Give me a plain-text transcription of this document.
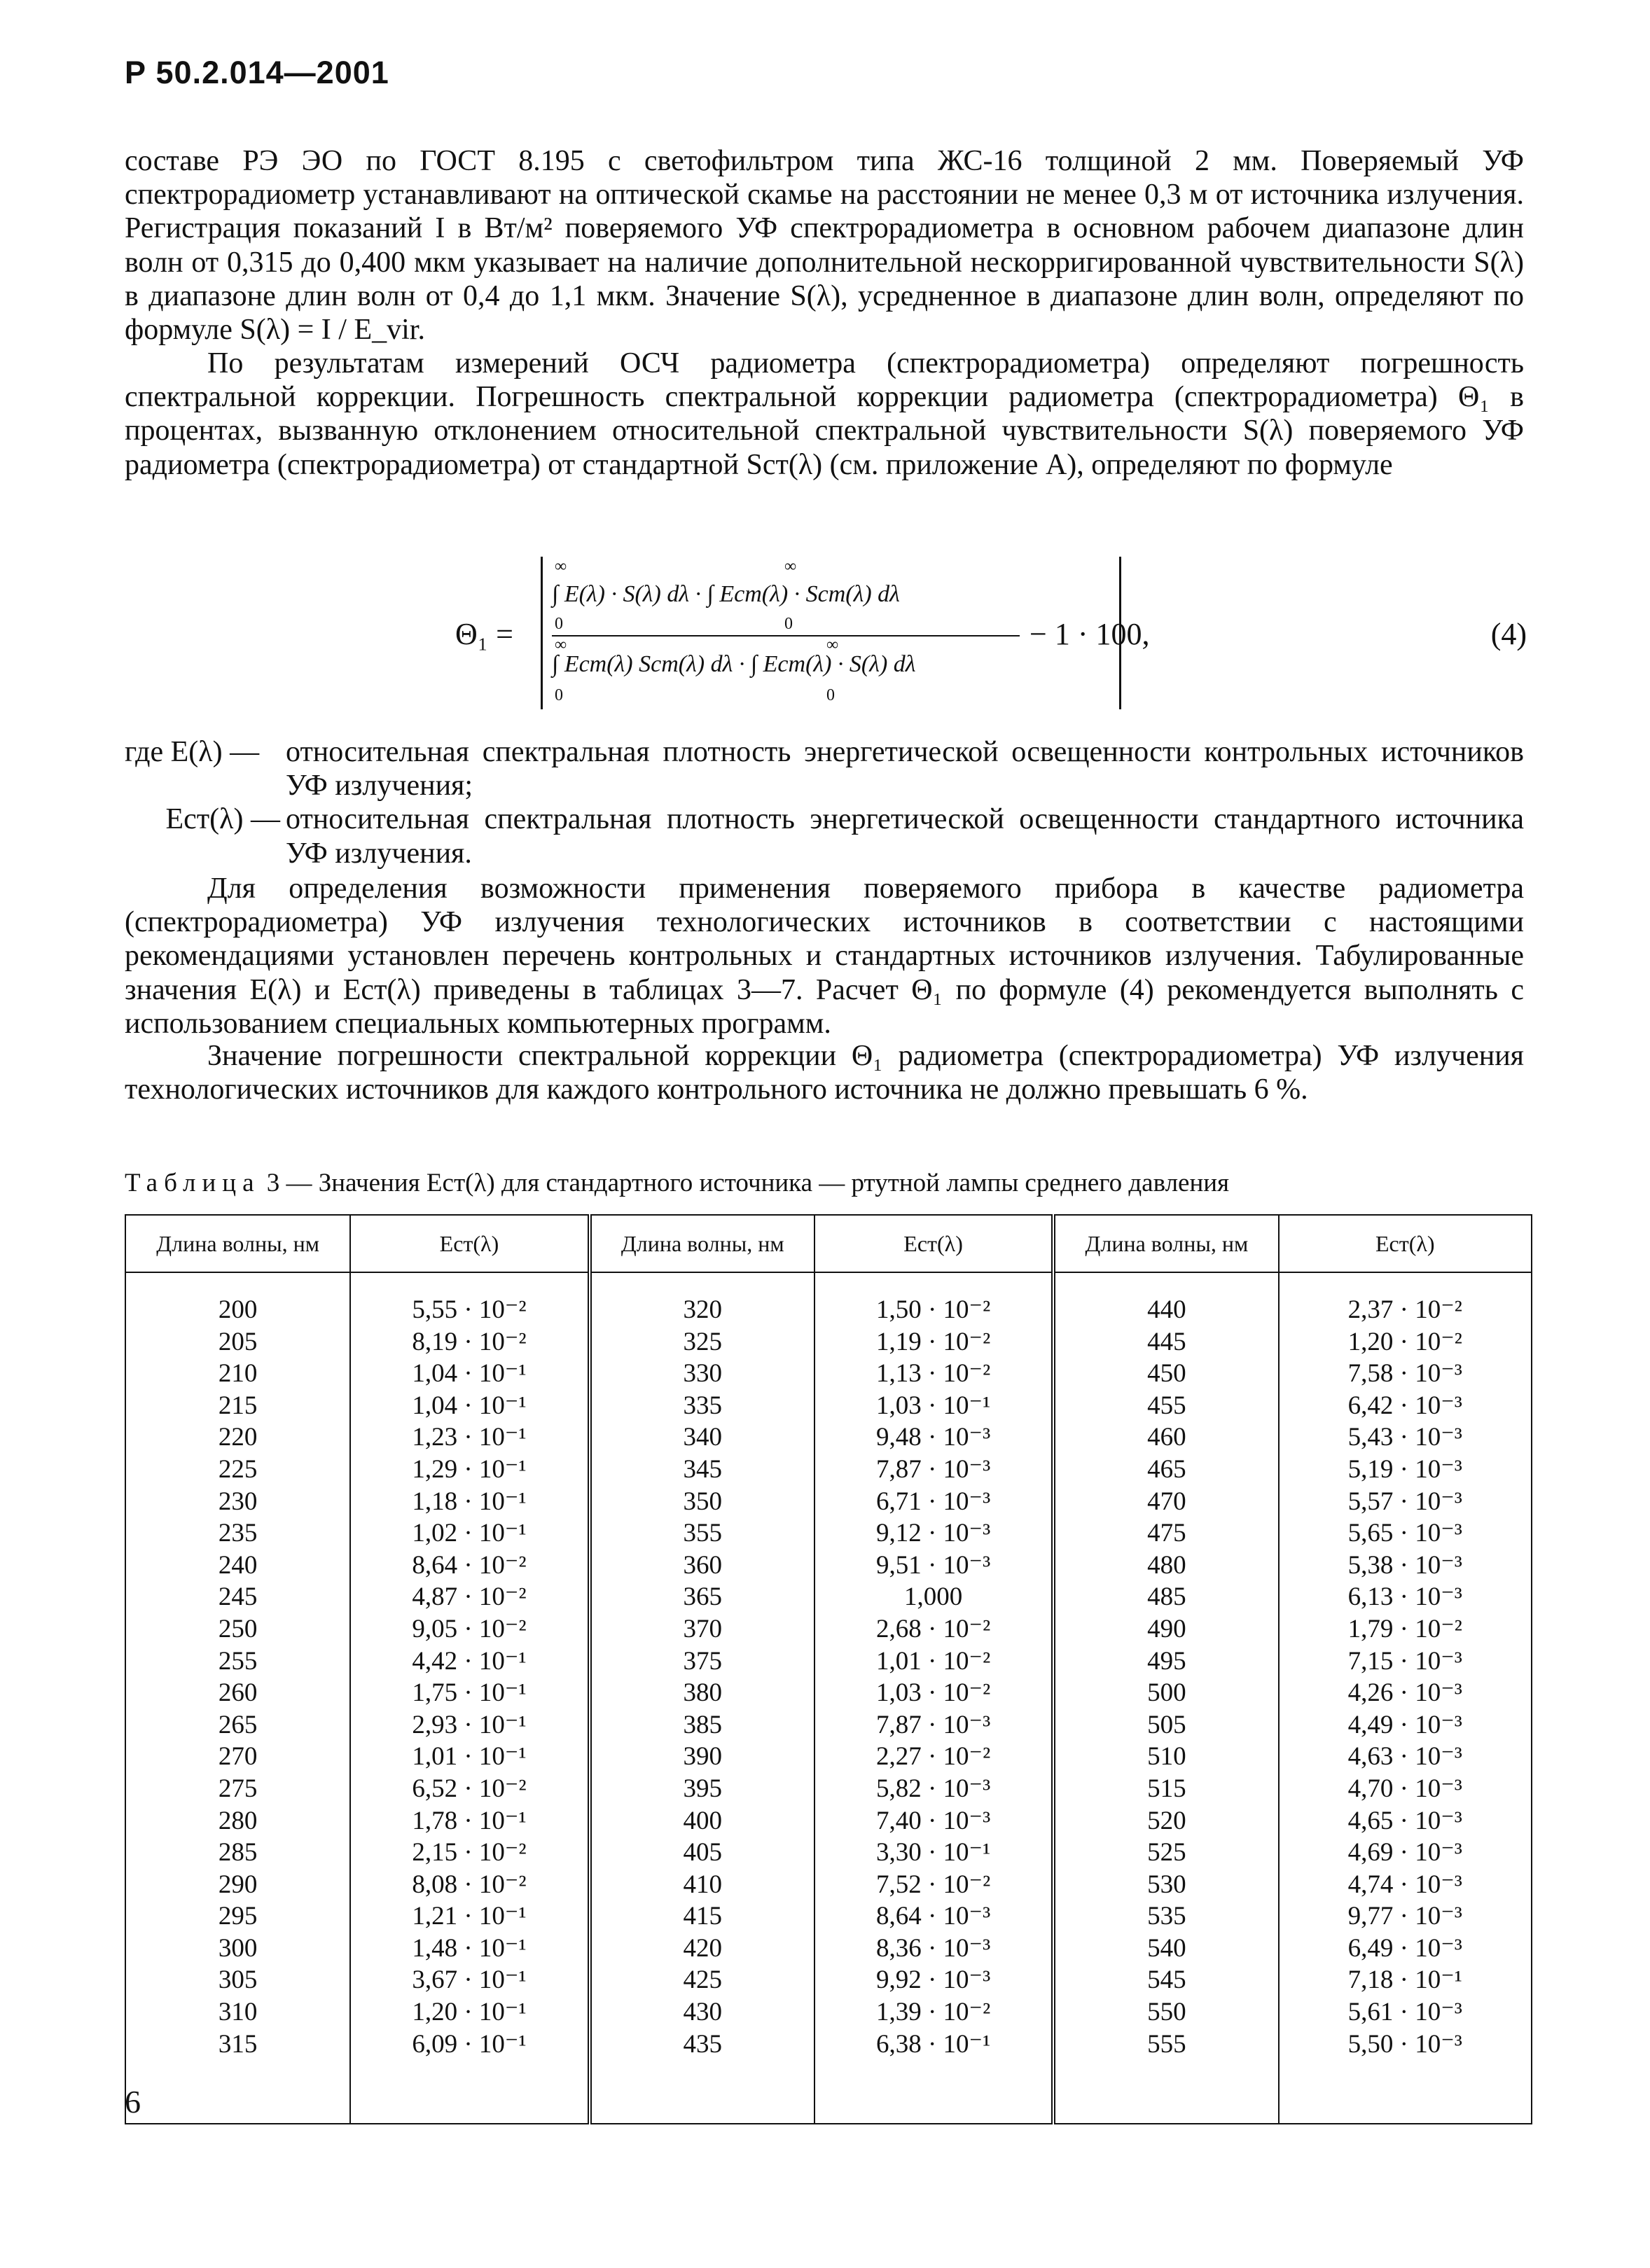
Р 50.2.014—2001

составе РЭ ЭО по ГОСТ 8.195 с светофильтром типа ЖС-16 толщиной 2 мм. Поверяемый УФ спектрорадиометр устанавливают на оптической скамье на расстоянии не менее 0,3 м от источника излучения. Регистрация показаний I в Вт/м² поверяемого УФ спектрорадиометра в основном рабочем диапазоне длин волн от 0,315 до 0,400 мкм указывает на наличие дополнительной нескорригированной чувствительности S(λ) в диапазоне длин волн от 0,4 до 1,1 мкм. Значение S(λ), усредненное в диапазоне длин волн, определяют по формуле S(λ) = I / E_vir.

По результатам измерений ОСЧ радиометра (спектрорадиометра) определяют погрешность спектральной коррекции. Погрешность спектральной коррекции радиометра (спектрорадиометра) Θ₁ в процентах, вызванную отклонением относительной спектральной чувствительности S(λ) поверяемого УФ радиометра (спектрорадиометра) от стандартной Sст(λ) (см. приложение А), определяют по формуле

Θ₁ =
∞	∞
∫ E(λ) · S(λ) dλ · ∫ Eст(λ) · Sст(λ) dλ
0	0
∞	∞
∫ Eст(λ) Sст(λ) dλ · ∫ Eст(λ) · S(λ) dλ
0	0
− 1 · 100,	(4)
где E(λ) — относительная спектральная плотность энергетической освещенности контрольных источников УФ излучения;
Eст(λ) — относительная спектральная плотность энергетической освещенности стандартного источника УФ излучения.

Для определения возможности применения поверяемого прибора в качестве радиометра (спектрорадиометра) УФ излучения технологических источников в соответствии с настоящими рекомендациями установлен перечень контрольных и стандартных источников излучения. Табулированные значения E(λ) и Eст(λ) приведены в таблицах 3—7. Расчет Θ₁ по формуле (4) рекомендуется выполнять с использованием специальных компьютерных программ.

Значение погрешности спектральной коррекции Θ₁ радиометра (спектрорадиометра) УФ излучения технологических источников для каждого контрольного источника не должно превышать 6 %.

Таблица 3 — Значения Eст(λ) для стандартного источника — ртутной лампы среднего давления
Длина волны, нм	Eст(λ)	Длина волны, нм	Eст(λ)	Длина волны, нм	Eст(λ)

200	5,55 · 10⁻²	320	1,50 · 10⁻²	440	2,37 · 10⁻²
205	8,19 · 10⁻²	325	1,19 · 10⁻²	445	1,20 · 10⁻²
210	1,04 · 10⁻¹	330	1,13 · 10⁻²	450	7,58 · 10⁻³
215	1,04 · 10⁻¹	335	1,03 · 10⁻¹	455	6,42 · 10⁻³
220	1,23 · 10⁻¹	340	9,48 · 10⁻³	460	5,43 · 10⁻³
225	1,29 · 10⁻¹	345	7,87 · 10⁻³	465	5,19 · 10⁻³
230	1,18 · 10⁻¹	350	6,71 · 10⁻³	470	5,57 · 10⁻³
235	1,02 · 10⁻¹	355	9,12 · 10⁻³	475	5,65 · 10⁻³
240	8,64 · 10⁻²	360	9,51 · 10⁻³	480	5,38 · 10⁻³
245	4,87 · 10⁻²	365	1,000	485	6,13 · 10⁻³
250	9,05 · 10⁻²	370	2,68 · 10⁻²	490	1,79 · 10⁻²
255	4,42 · 10⁻¹	375	1,01 · 10⁻²	495	7,15 · 10⁻³
260	1,75 · 10⁻¹	380	1,03 · 10⁻²	500	4,26 · 10⁻³
265	2,93 · 10⁻¹	385	7,87 · 10⁻³	505	4,49 · 10⁻³
270	1,01 · 10⁻¹	390	2,27 · 10⁻²	510	4,63 · 10⁻³
275	6,52 · 10⁻²	395	5,82 · 10⁻³	515	4,70 · 10⁻³
280	1,78 · 10⁻¹	400	7,40 · 10⁻³	520	4,65 · 10⁻³
285	2,15 · 10⁻²	405	3,30 · 10⁻¹	525	4,69 · 10⁻³
290	8,08 · 10⁻²	410	7,52 · 10⁻²	530	4,74 · 10⁻³
295	1,21 · 10⁻¹	415	8,64 · 10⁻³	535	9,77 · 10⁻³
300	1,48 · 10⁻¹	420	8,36 · 10⁻³	540	6,49 · 10⁻³
305	3,67 · 10⁻¹	425	9,92 · 10⁻³	545	7,18 · 10⁻¹
310	1,20 · 10⁻¹	430	1,39 · 10⁻²	550	5,61 · 10⁻³
315	6,09 · 10⁻¹	435	6,38 · 10⁻¹	555	5,50 · 10⁻³

6
